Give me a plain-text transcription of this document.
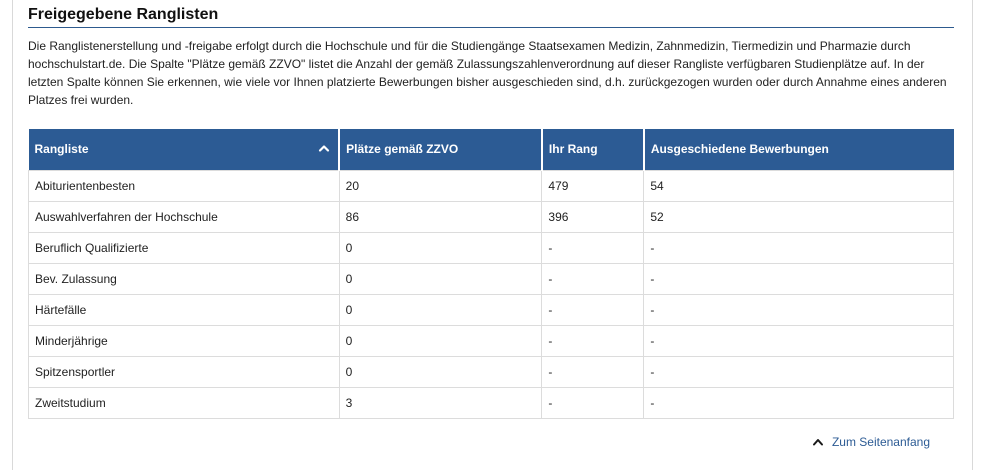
Freigegebene Ranglisten

Die Ranglistenerstellung und -freigabe erfolgt durch die Hochschule und für die Studiengänge Staatsexamen Medizin, Zahnmedizin, Tiermedizin und Pharmazie durch hochschulstart.de. Die Spalte "Plätze gemäß ZZVO" listet die Anzahl der gemäß Zulassungszahlenverordnung auf dieser Rangliste verfügbaren Studienplätze auf. In der letzten Spalte können Sie erkennen, wie viele vor Ihnen platzierte Bewerbungen bisher ausgeschieden sind, d.h. zurückgezogen wurden oder durch Annahme eines anderen Platzes frei wurden.

Rangliste	Plätze gemäß ZZVO	Ihr Rang	Ausgeschiedene Bewerbungen
Abiturientenbesten	20	479	54
Auswahlverfahren der Hochschule	86	396	52
Beruflich Qualifizierte	0	-	-
Bev. Zulassung	0	-	-
Härtefälle	0	-	-
Minderjährige	0	-	-
Spitzensportler	0	-	-
Zweitstudium	3	-	-
Zum Seitenanfang
